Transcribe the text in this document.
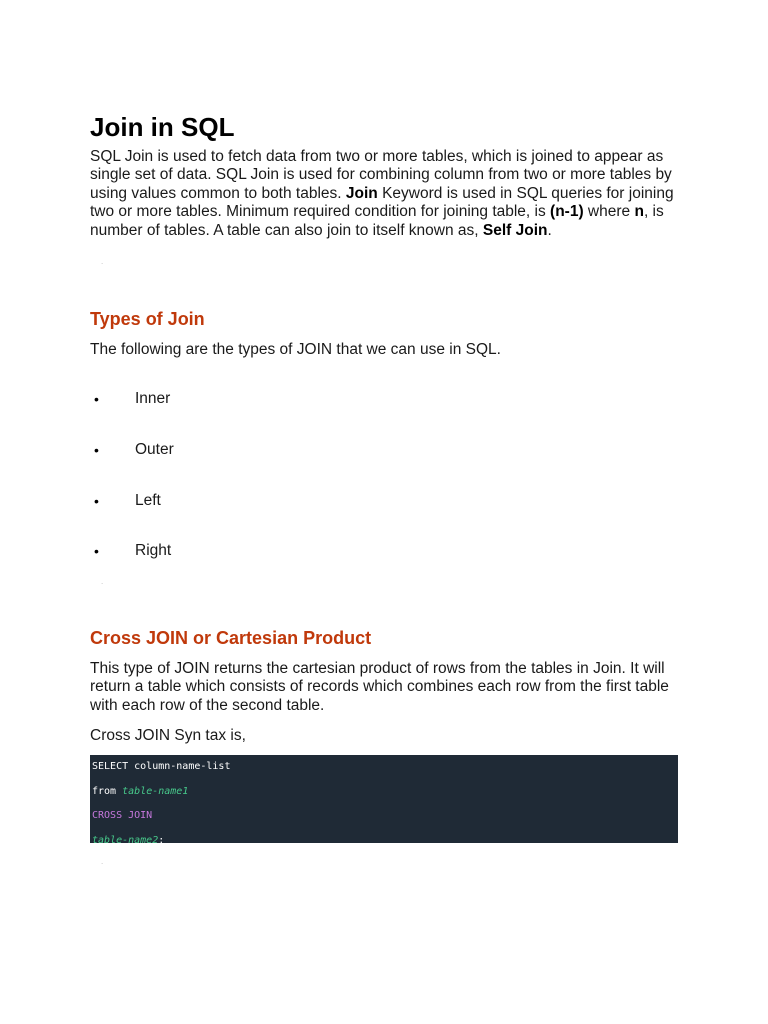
Join in SQL

SQL Join is used to fetch data from two or more tables, which is joined to appear as single set of data. SQL Join is used for combining column from two or more tables by using values common to both tables. Join Keyword is used in SQL queries for joining two or more tables. Minimum required condition for joining table, is (n-1) where n, is number of tables. A table can also join to itself known as, Self Join.

.
Types of Join

The following are the types of JOIN that we can use in SQL.

• Inner
• Outer
• Left
• Right
.
Cross JOIN or Cartesian Product

This type of JOIN returns the cartesian product of rows from the tables in Join. It will return a table which consists of records which combines each row from the first table with each row of the second table.

Cross JOIN Syn tax is,

SELECT column-name-list
from table-name1
CROSS JOIN
table-name2;
.
